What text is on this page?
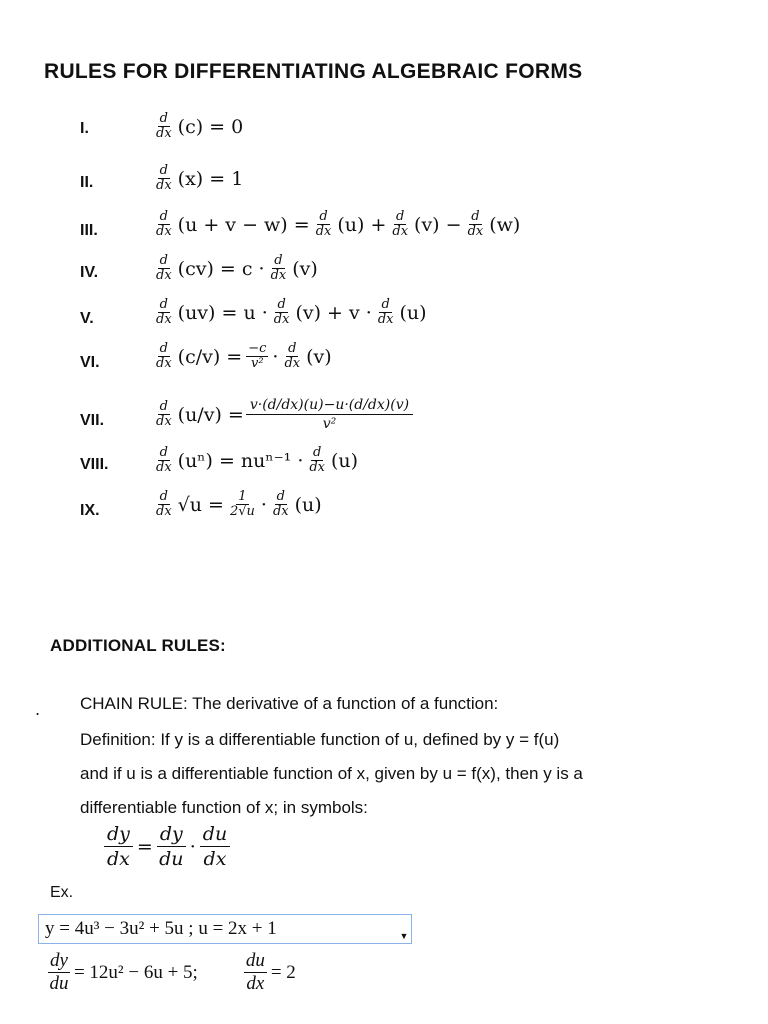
RULES FOR DIFFERENTIATING ALGEBRAIC FORMS
I.	$\frac{d}{dx} (c) = 0$
II.	$\frac{d}{dx} (x) = 1$
III.	$\frac{d}{dx} (u + v - w) = \frac{d}{dx} (u) + \frac{d}{dx} (v) - \frac{d}{dx} (w)$
IV.	$\frac{d}{dx} (cv) = c \cdot \frac{d}{dx} (v)$
V.	$\frac{d}{dx} (uv) = u \cdot \frac{d}{dx} (v) + v \cdot \frac{d}{dx} (u)$
VI.	$\frac{d}{dx} (c/v) = \frac{-c}{\text{v²}} \cdot \frac{d}{dx} (v)$
VII.	$\frac{d}{dx} (u/v) = \frac{v\cdot(d/dx)(u)-u\cdot(d/dx)(v)}{\text{v²}}$
VIII.	$\frac{d}{dx} (u^n) = nu^{n-1} \cdot \frac{d}{dx} (u)$
IX.	$\frac{d}{dx} √u = \frac{1}{2√u} \cdot \frac{d}{dx} (u)$
ADDITIONAL RULES:
. CHAIN RULE: The derivative of a function of a function:
Definition: If y is a differentiable function of u, defined by y = f(u)
and if u is a differentiable function of x, given by u = f(x), then y is a
differentiable function of x; in symbols:
$\frac{dy}{dx} = \frac{dy}{du}$ ·
du
dx
Ex.
y = 4u³ − 3u² + 5u ; u = 2x + 1	▼
$\frac{dy}{du} = 12u^2 - 6u + 5$; $\frac{du}{dx} = 2$
